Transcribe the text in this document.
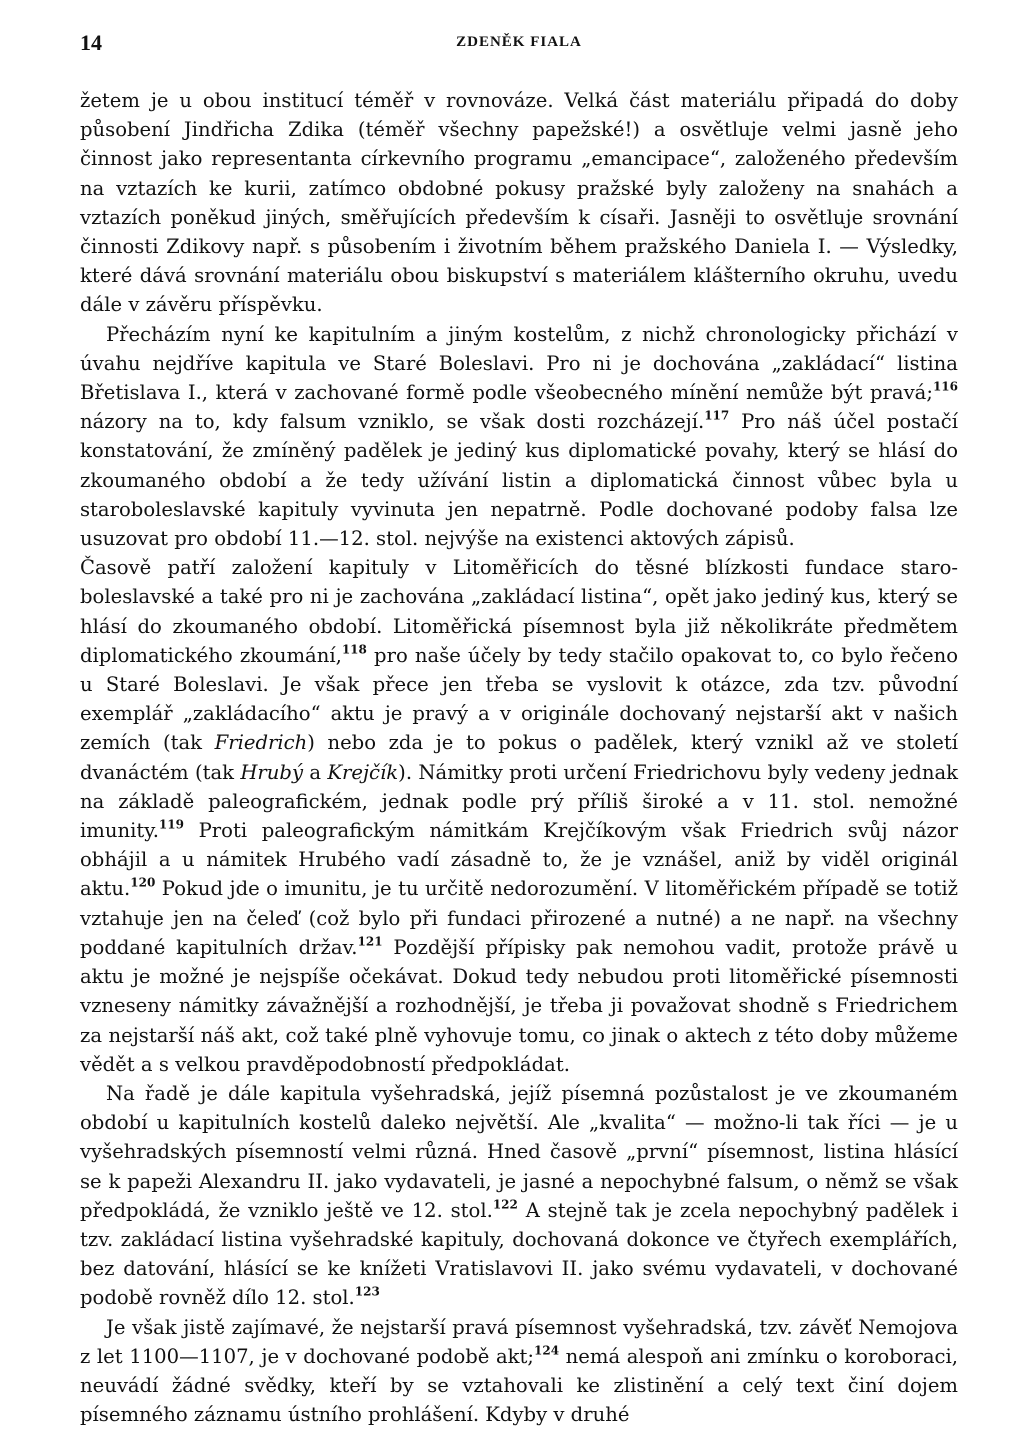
14	ZDENĚK FIALA

žetem je u obou institucí téměř v rovnováze. Velká část materiálu připadá do doby působení Jindřicha Zdika (téměř všechny papežské!) a osvětluje velmi jasně jeho činnost jako representanta církevního programu „emancipace“, založeného především na vztazích ke kurii, zatímco obdobné pokusy pražské byly založeny na snahách a vztazích poněkud jiných, směřujících především k císaři. Jasněji to osvětluje srovnání činnosti Zdikovy např. s působením i životním během pražského Daniela I. — Výsledky, které dává srovnání materiálu obou biskupství s materiálem klášterního okruhu, uvedu dále v závěru příspěvku.

Přecházím nyní ke kapitulním a jiným kostelům, z nichž chronologicky přichází v úvahu nejdříve kapitula ve Staré Boleslavi. Pro ni je dochována „zakládací“ listina Břetislava I., která v zachované formě podle všeobecného mínění nemůže být pravá;$^{116}$ názory na to, kdy falsum vzniklo, se však dosti rozcházejí.$^{117}$ Pro náš účel postačí konstatování, že zmíněný padělek je jediný kus diplomatické povahy, který se hlásí do zkoumaného období a že tedy užívání listin a diplomatická činnost vůbec byla u staroboleslavské kapituly vyvinuta jen nepatrně. Podle dochované podoby falsa lze usuzovat pro období 11.—12. stol. nejvýše na existenci aktových zápisů.

Časově patří založení kapituly v Litoměřicích do těsné blízkosti fundace staroboleslavské a také pro ni je zachována „zakládací listina“, opět jako jediný kus, který se hlásí do zkoumaného období. Litoměřická písemnost byla již několikráte předmětem diplomatického zkoumání,$^{118}$ pro naše účely by tedy stačilo opakovat to, co bylo řečeno u Staré Boleslavi. Je však přece jen třeba se vyslovit k otázce, zda tzv. původní exemplář „zakládacího“ aktu je pravý a v originále dochovaný nejstarší akt v našich zemích (tak Friedrich) nebo zda je to pokus o padělek, který vznikl až ve století dvanáctém (tak Hrubý a Krejčík). Námitky proti určení Friedrichovu byly vedeny jednak na základě paleografickém, jednak podle prý příliš široké a v 11. stol. nemožné imunity.$^{119}$ Proti paleografickým námitkám Krejčíkovým však Friedrich svůj názor obhájil a u námitek Hrubého vadí zásadně to, že je vznášel, aniž by viděl originál aktu.$^{120}$ Pokud jde o imunitu, je tu určitě nedorozumění. V litoměřickém případě se totiž vztahuje jen na čeleď (což bylo při fundaci přirozené a nutné) a ne např. na všechny poddané kapitulních držav.$^{121}$ Pozdější přípisky pak nemohou vadit, protože právě u aktu je možné je nejspíše očekávat. Dokud tedy nebudou proti litoměřické písemnosti vzneseny námitky závažnější a rozhodnější, je třeba ji považovat shodně s Friedrichem za nejstarší náš akt, což také plně vyhovuje tomu, co jinak o aktech z této doby můžeme vědět a s velkou pravděpodobností předpokládat.

Na řadě je dále kapitula vyšehradská, jejíž písemná pozůstalost je ve zkoumaném období u kapitulních kostelů daleko největší. Ale „kvalita“ — možno-li tak říci — je u vyšehradských písemností velmi různá. Hned časově „první“ písemnost, listina hlásící se k papeži Alexandru II. jako vydavateli, je jasné a nepochybné falsum, o němž se však předpokládá, že vzniklo ještě ve 12. stol.$^{122}$ A stejně tak je zcela nepochybný padělek i tzv. zakládací listina vyšehradské kapituly, dochovaná dokonce ve čtyřech exemplářích, bez datování, hlásící se ke knížeti Vratislavovi II. jako svému vydavateli, v dochované podobě rovněž dílo 12. stol.$^{123}$

Je však jistě zajímavé, že nejstarší pravá písemnost vyšehradská, tzv. závěť Nemojova z let 1100—1107, je v dochované podobě akt;$^{124}$ nemá alespoň ani zmínku o koroboraci, neuvádí žádné svědky, kteří by se vztahovali ke zlistinění a celý text činí dojem písemného záznamu ústního prohlášení. Kdyby v druhé
